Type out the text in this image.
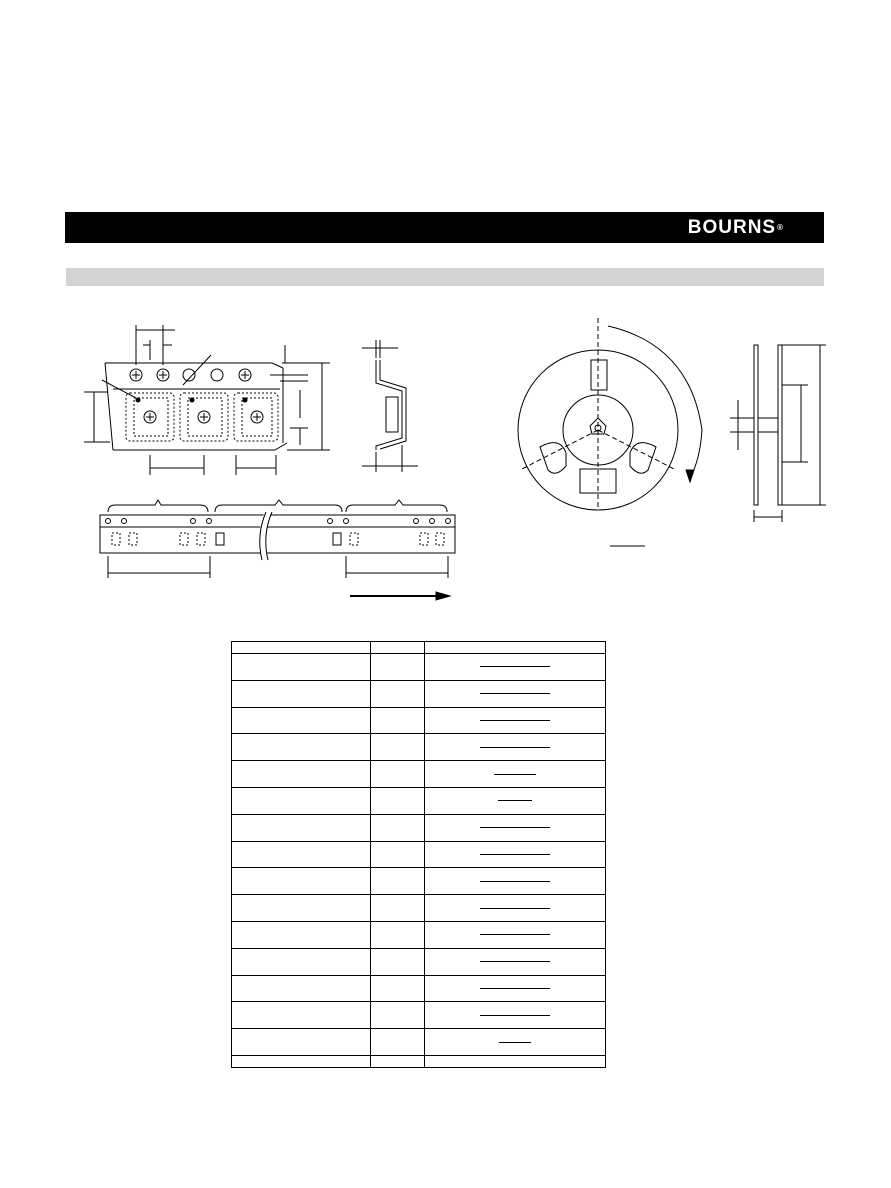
BOURNS®
